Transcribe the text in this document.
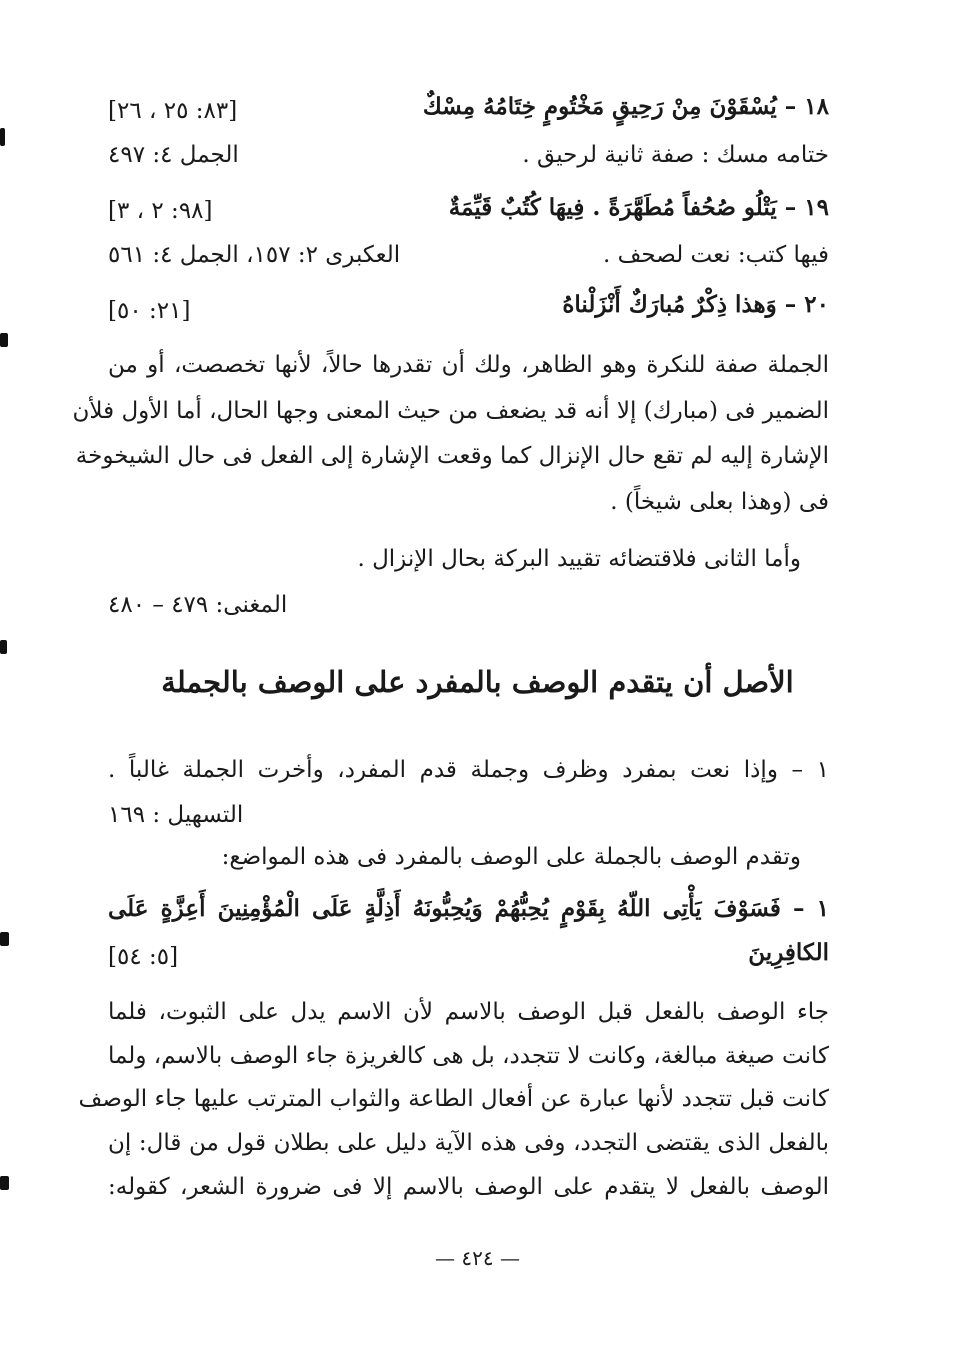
١٨ – يُسْقَوْنَ مِنْ رَحِيقٍ مَخْتُومٍ خِتَامُهُ مِسْكٌ
[٨٣: ٢٥ ، ٢٦]
ختامه مسك : صفة ثانية لرحيق .
الجمل ٤: ٤٩٧
١٩ – يَتْلُو صُحُفاً مُطَهَّرَةً . فِيهَا كُتُبٌ قَيِّمَةٌ
[٩٨: ٢ ، ٣]
فيها كتب: نعت لصحف .
العكبرى ٢: ١٥٧، الجمل ٤: ٥٦١
٢٠ – وَهذا ذِكْرٌ مُبارَكٌ أَنْزَلْناهُ
[٢١: ٥٠]
الجملة صفة للنكرة وهو الظاهر، ولك أن تقدرها حالاً، لأنها تخصصت، أو من
الضمير فى (مبارك) إلا أنه قد يضعف من حيث المعنى وجها الحال، أما الأول فلأن
الإشارة إليه لم تقع حال الإنزال كما وقعت الإشارة إلى الفعل فى حال الشيخوخة
فى (وهذا بعلى شيخاً) .
وأما الثانى فلاقتضائه تقييد البركة بحال الإنزال .
المغنى: ٤٧٩ – ٤٨٠
الأصل أن يتقدم الوصف بالمفرد على الوصف بالجملة
١ – وإذا نعت بمفرد وظرف وجملة قدم المفرد، وأخرت الجملة غالباً .
التسهيل : ١٦٩
وتقدم الوصف بالجملة على الوصف بالمفرد فى هذه المواضع:
١ – فَسَوْفَ يَأْتِى اللّهُ بِقَوْمٍ يُحِبُّهُمْ وَيُحِبُّونَهُ أَذِلَّةٍ عَلَى الْمُؤْمِنِينَ أَعِزَّةٍ عَلَى
الكافِرِينَ
[٥: ٥٤]
جاء الوصف بالفعل قبل الوصف بالاسم لأن الاسم يدل على الثبوت، فلما
كانت صيغة مبالغة، وكانت لا تتجدد، بل هى كالغريزة جاء الوصف بالاسم، ولما
كانت قبل تتجدد لأنها عبارة عن أفعال الطاعة والثواب المترتب عليها جاء الوصف
بالفعل الذى يقتضى التجدد، وفى هذه الآية دليل على بطلان قول من قال: إن
الوصف بالفعل لا يتقدم على الوصف بالاسم إلا فى ضرورة الشعر، كقوله:
— ٤٢٤ —
